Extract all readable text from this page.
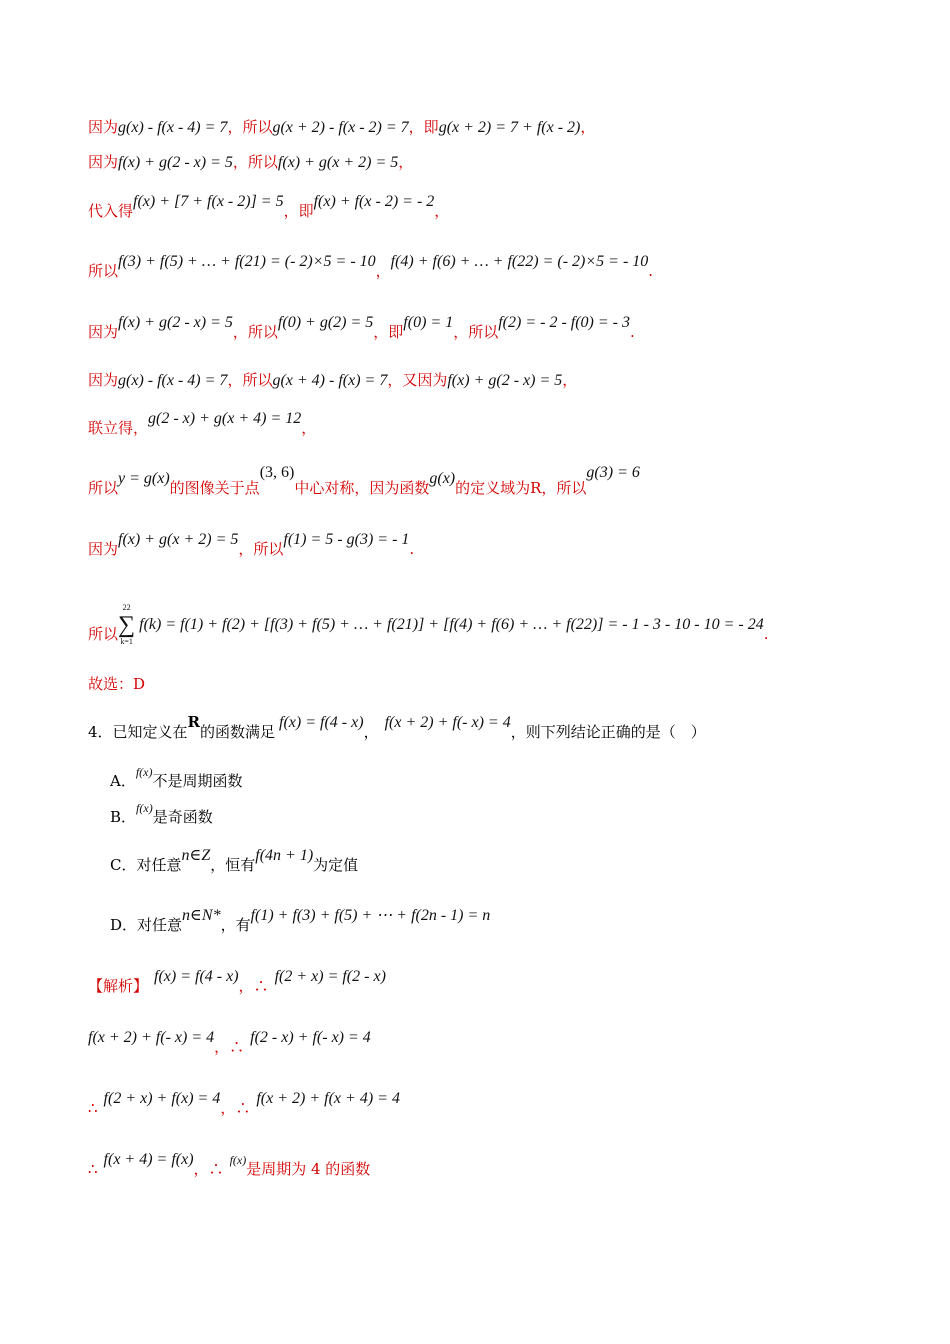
因为g(x) - f(x - 4) = 7，所以g(x + 2) - f(x - 2) = 7，即g(x + 2) = 7 + f(x - 2)，
因为f(x) + g(2 - x) = 5，所以f(x) + g(x + 2) = 5，
代入得f(x) + [7 + f(x - 2)] = 5，即f(x) + f(x - 2) = - 2，
所以f(3) + f(5) + … + f(21) = (- 2)×5 = - 10，f(4) + f(6) + … + f(22) = (- 2)×5 = - 10.
因为f(x) + g(2 - x) = 5，所以f(0) + g(2) = 5，即f(0) = 1，所以f(2) = - 2 - f(0) = - 3.
因为g(x) - f(x - 4) = 7，所以g(x + 4) - f(x) = 7，又因为f(x) + g(2 - x) = 5，
联立得，g(2 - x) + g(x + 4) = 12，
所以y = g(x)的图像关于点(3, 6)中心对称，因为函数g(x)的定义域为R，所以g(3) = 6
因为f(x) + g(x + 2) = 5，所以f(1) = 5 - g(3) = - 1.
所以
22
∑
k=1
f(k) = f(1) + f(2) + [f(3) + f(5) + … + f(21)] + [f(4) + f(6) + … + f(22)] = - 1 - 3 - 10 - 10 = - 24.
故选：D
4．已知定义在R的函数满足f(x) = f(4 - x)，f(x + 2) + f(- x) = 4，则下列结论正确的是（　）
A．$^{f(x)}$不是周期函数
B．$^{f(x)}$是奇函数
C．对任意n∈Z，恒有f(4n + 1)为定值
D．对任意n∈N*，有f(1) + f(3) + f(5) + ⋯ + f(2n - 1) = n
【解析】f(x) = f(4 - x)，∴f(2 + x) = f(2 - x)
f(x + 2) + f(- x) = 4，∴f(2 - x) + f(- x) = 4
∴f(2 + x) + f(x) = 4，∴f(x + 2) + f(x + 4) = 4
∴f(x + 4) = f(x)，∴ $^{f(x)}$是周期为 4 的函数
